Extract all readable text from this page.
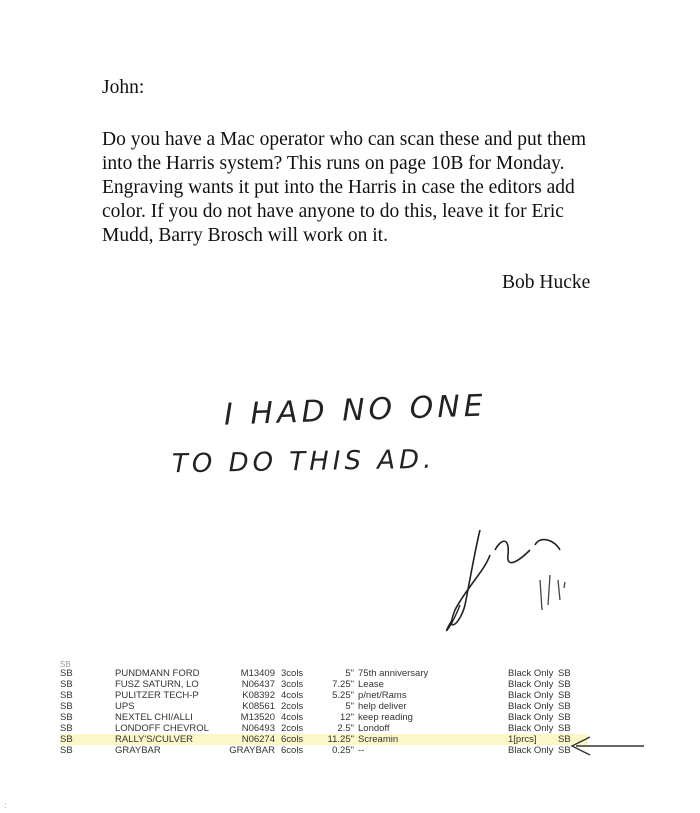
John:

Do you have a Mac operator who can scan these and put them into the Harris system? This runs on page 10B for Monday. Engraving wants it put into the Harris in case the editors add color. If you do not have anyone to do this, leave it for Eric Mudd, Barry Brosch will work on it.

Bob Hucke
I HAD NO ONE
TO DO THIS AD.
SB
SB	PUNDMANN FORD	M13409	3cols	5"	75th anniversary	Black Only	SB
SB	FUSZ SATURN, LO	N06437	3cols	7.25"	Lease	Black Only	SB
SB	PULITZER TECH-P	K08392	4cols	5.25"	p/net/Rams	Black Only	SB
SB	UPS	K08561	2cols	5"	help deliver	Black Only	SB
SB	NEXTEL CHI/ALLI	M13520	4cols	12"	keep reading	Black Only	SB
SB	LONDOFF CHEVROL	N06493	2cols	2.5"	Londoff	Black Only	SB
SB	RALLY'S/CULVER	N06274	6cols	11.25"	Screamin	1[prcs]	SB
SB	GRAYBAR	GRAYBAR	6cols	0.25"	--	Black Only	SB
:
